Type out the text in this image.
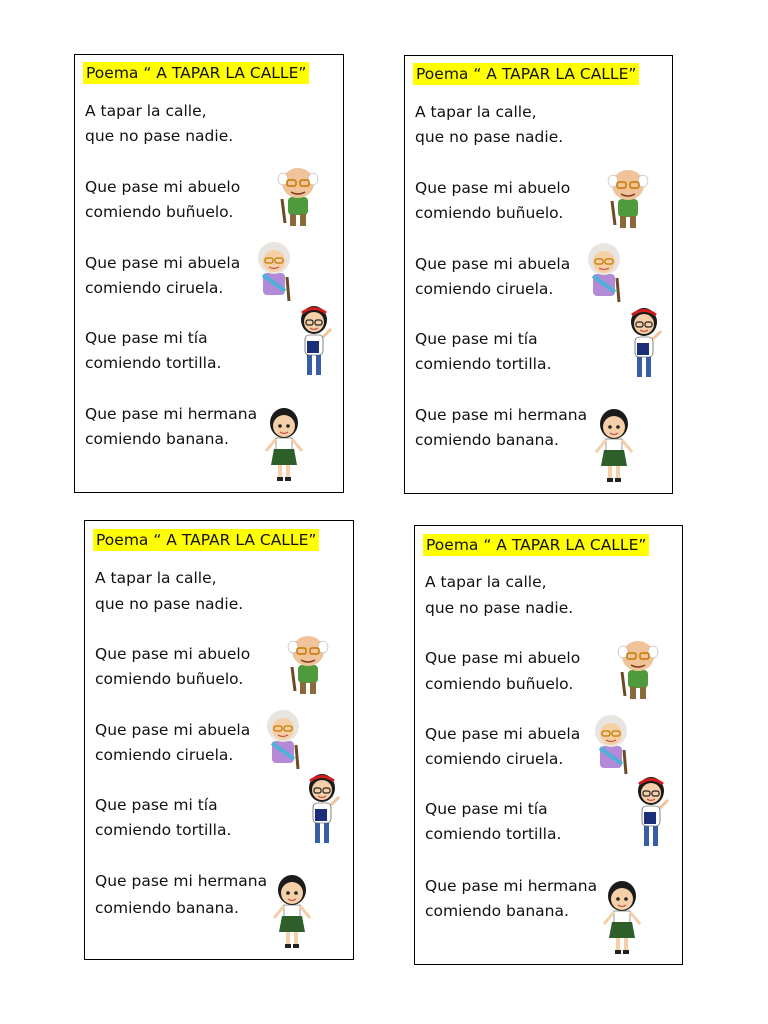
Poema “ A TAPAR LA CALLE”
A tapar la calle,
que no pase nadie.
Que pase mi abuelo
comiendo buñuelo.
Que pase mi abuela
comiendo ciruela.
Que pase mi tía
comiendo tortilla.
Que pase mi hermana
comiendo banana.
Poema “ A TAPAR LA CALLE”
A tapar la calle,
que no pase nadie.
Que pase mi abuelo
comiendo buñuelo.
Que pase mi abuela
comiendo ciruela.
Que pase mi tía
comiendo tortilla.
Que pase mi hermana
comiendo banana.
Poema “ A TAPAR LA CALLE”
A tapar la calle,
que no pase nadie.
Que pase mi abuelo
comiendo buñuelo.
Que pase mi abuela
comiendo ciruela.
Que pase mi tía
comiendo tortilla.
Que pase mi hermana
comiendo banana.
Poema “ A TAPAR LA CALLE”
A tapar la calle,
que no pase nadie.
Que pase mi abuelo
comiendo buñuelo.
Que pase mi abuela
comiendo ciruela.
Que pase mi tía
comiendo tortilla.
Que pase mi hermana
comiendo banana.
